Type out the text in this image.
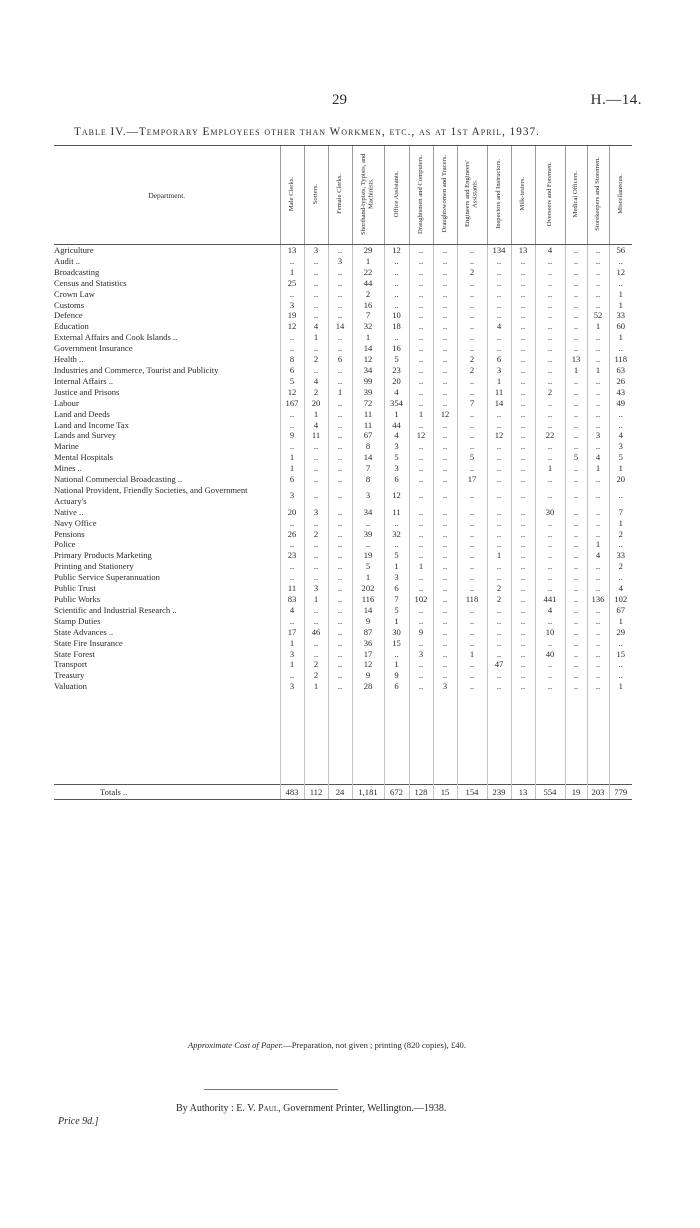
29	H.—14.
Table IV.—Temporary Employees other than Workmen, etc., as at 1st April, 1937.
Department.	Male Clerks.	Sorters.	Female Clerks.	Shorthand-typists, Typists, and Machinists.	Office Assistants.	Draughtsmen and Computers.	Draughtswomen and Tracers.	Engineers and Engineers' Assistants.	Inspectors and Instructors.	Milk-testers.	Overseers and Foremen.	Medical Officers.	Storekeepers and Storemen.	Miscellaneous.
Agriculture	13	3	..	29	12	..	..	..	134	13	4	..	..	56
Audit ..	..	..	3	1	..	..	..	..	..	..	..	..	..	..
Broadcasting	1	..	..	22	..	..	..	2	..	..	..	..	..	12
Census and Statistics	25	..	..	44	..	..	..	..	..	..	..	..	..	..
Crown Law	..	..	..	2	..	..	..	..	..	..	..	..	..	1
Customs	3	..	..	16	..	..	..	..	..	..	..	..	..	1
Defence	19	..	..	7	10	..	..	..	..	..	..	..	52	33
Education	12	4	14	32	18	..	..	..	4	..	..	..	1	60
External Affairs and Cook Islands ..	..	1	..	1	..	..	..	..	..	..	..	..	..	1
Government Insurance	..	..	..	14	16	..	..	..	..	..	..	..	..	..
Health ..	8	2	6	12	5	..	..	2	6	..	..	13	..	118

Industries and Commerce, Tourist and Publicity	6	..	..	34	23	..	..	2	3	..	..	1	1	63
Internal Affairs ..	5	4	..	99	20	..	..	..	1	..	..	..	..	26
Justice and Prisons	12	2	1	39	4	..	..	..	11	..	2	..	..	43
Labour	167	20	..	72	354	..	..	7	14	..	..	..	..	49
Land and Deeds	..	1	..	11	1	1	12	..	..	..	..	..	..	..
Land and Income Tax	..	4	..	11	44	..	..	..	..	..	..	..	..	..
Lands and Survey	9	11	..	67	4	12	..	..	12	..	22	..	3	4
Marine	..	..	..	8	3	..	..	..	..	..	..	..	..	3
Mental Hospitals	1	..	..	14	5	..	..	5	..	..	..	5	4	5
Mines ..	1	..	..	7	3	..	..	..	..	..	1	..	1	1
National Commercial Broadcasting ..	6	..	..	8	6	..	..	17	..	..	..	..	..	20

National Provident, Friendly Societies, and Government Actuary's	3	..	..	3	12	..	..	..	..	..	..	..	..	..
Native ..	20	3	..	34	11	..	..	..	..	..	30	..	..	7
Navy Office	..	..	..	..	..	..	..	..	..	..	..	..	..	1
Pensions	26	2	..	39	32	..	..	..	..	..	..	..	..	2
Police	..	..	..	..	..	..	..	..	..	..	..	..	1	..
Primary Products Marketing	23	..	..	19	5	..	..	..	1	..	..	..	4	33
Printing and Stationery	..	..	..	5	1	1	..	..	..	..	..	..	..	2
Public Service Superannuation	..	..	..	1	3	..	..	..	..	..	..	..	..	..
Public Trust	11	3	..	202	6	..	..	..	2	..	..	..	..	4
Public Works	83	1	..	116	7	102	..	118	2	..	441	..	136	102
Scientific and Industrial Research ..	4	..	..	14	5	..	..	..	..	..	4	..	..	67
Stamp Duties	..	..	..	9	1	..	..	..	..	..	..	..	..	1
State Advances ..	17	46	..	87	30	9	..	..	..	..	10	..	..	29
State Fire Insurance	1	..	..	36	15	..	..	..	..	..	..	..	..	..
State Forest	3	..	..	17	..	3	..	1	..	..	40	..	..	15
Transport	1	2	..	12	1	..	..	..	47	..	..	..	..	..
Treasury	..	2	..	9	9	..	..	..	..	..	..	..	..	..
Valuation	3	1	..	28	6	..	3	..	..	..	..	..	..	1

Totals ..	483	112	24	1,181	672	128	15	154	239	13	554	19	203	779
Approximate Cost of Paper.—Preparation, not given ; printing (820 copies), £40.
By Authority : E. V. Paul, Government Printer, Wellington.—1938.
Price 9d.]
